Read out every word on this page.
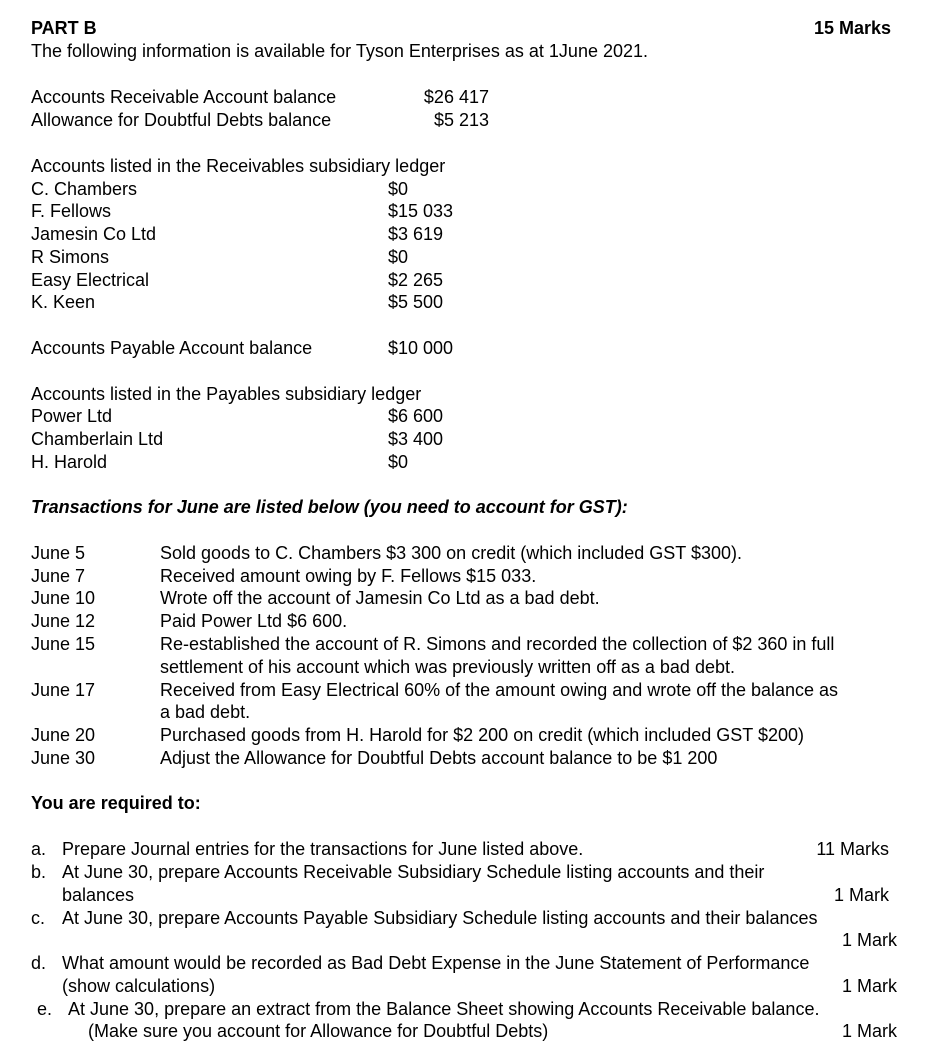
PART B	15 Marks
The following information is available for Tyson Enterprises as at 1June 2021.
Accounts Receivable Account balance	$26 417
Allowance for Doubtful Debts balance	$5 213
Accounts listed in the Receivables subsidiary ledger
C. Chambers	$0
F. Fellows	$15 033
Jamesin Co Ltd	$3 619
R Simons	$0
Easy Electrical	$2 265
K. Keen	$5 500
Accounts Payable Account balance	$10 000
Accounts listed in the Payables subsidiary ledger
Power Ltd	$6 600
Chamberlain Ltd	$3 400
H. Harold	$0
Transactions for June are listed below (you need to account for GST):
June 5	Sold goods to C. Chambers $3 300 on credit (which included GST $300).
June 7	Received amount owing by F. Fellows $15 033.
June 10	Wrote off the account of Jamesin Co Ltd as a bad debt.
June 12	Paid Power Ltd $6 600.
June 15	Re-established the account of R. Simons and recorded the collection of $2 360 in full
settlement of his account which was previously written off as a bad debt.
June 17	Received from Easy Electrical 60% of the amount owing and wrote off the balance as
a bad debt.
June 20	Purchased goods from H. Harold for $2 200 on credit (which included GST $200)
June 30	Adjust the Allowance for Doubtful Debts account balance to be $1 200
You are required to:
a. Prepare Journal entries for the transactions for June listed above.	11 Marks
b. At June 30, prepare Accounts Receivable Subsidiary Schedule listing accounts and their
balances	1 Mark
c. At June 30, prepare Accounts Payable Subsidiary Schedule listing accounts and their balances
1 Mark
d. What amount would be recorded as Bad Debt Expense in the June Statement of Performance
(show calculations)	1 Mark
e. At June 30, prepare an extract from the Balance Sheet showing Accounts Receivable balance.
(Make sure you account for Allowance for Doubtful Debts)	1 Mark
